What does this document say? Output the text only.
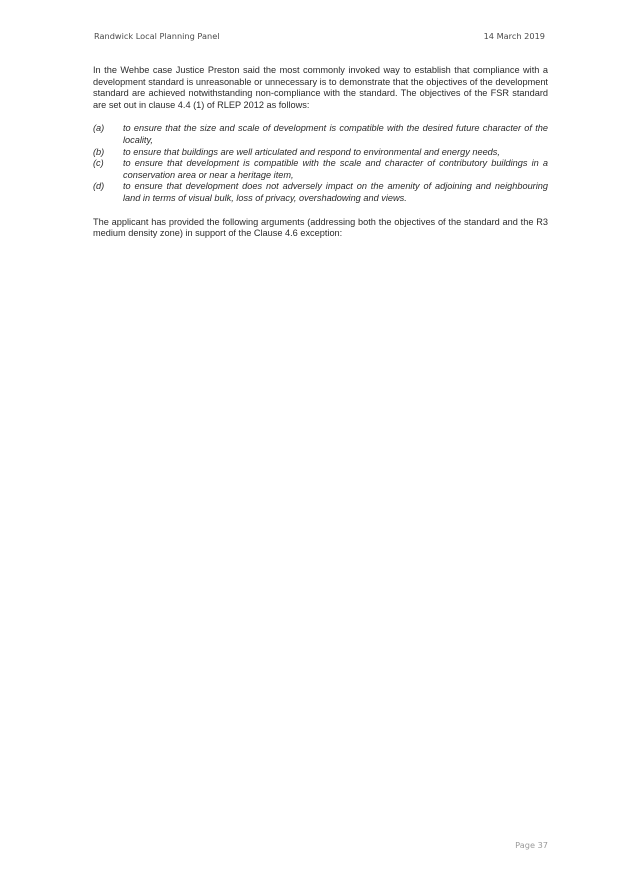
Randwick Local Planning Panel	14 March 2019

In the Wehbe case Justice Preston said the most commonly invoked way to establish that compliance with a development standard is unreasonable or unnecessary is to demonstrate that the objectives of the development standard are achieved notwithstanding non-compliance with the standard. The objectives of the FSR standard are set out in clause 4.4 (1) of RLEP 2012 as follows:

(a)	to ensure that the size and scale of development is compatible with the desired future character of the locality,
(b)	to ensure that buildings are well articulated and respond to environmental and energy needs,
(c)	to ensure that development is compatible with the scale and character of contributory buildings in a conservation area or near a heritage item,
(d)	to ensure that development does not adversely impact on the amenity of adjoining and neighbouring land in terms of visual bulk, loss of privacy, overshadowing and views.

The applicant has provided the following arguments (addressing both the objectives of the standard and the R3 medium density zone) in support of the Clause 4.6 exception:

Page 37
